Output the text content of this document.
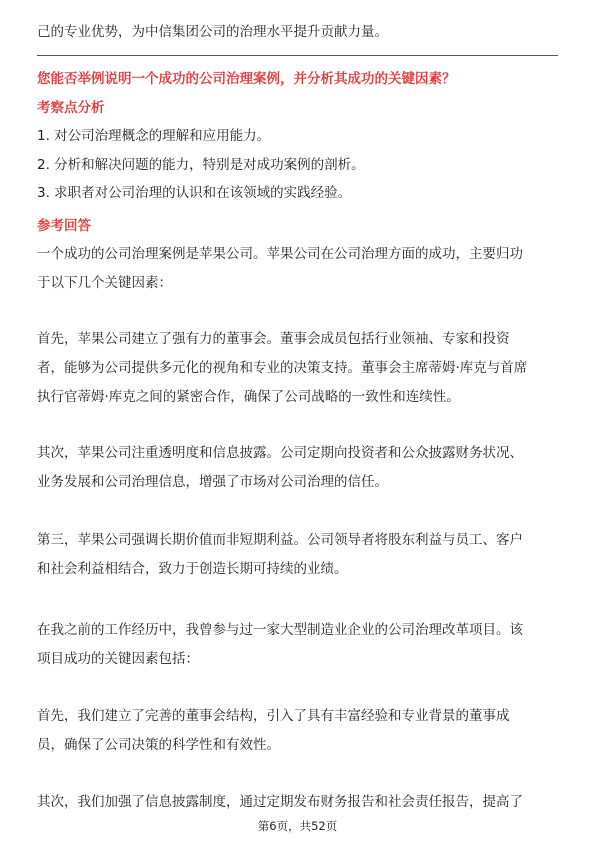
己的专业优势，为中信集团公司的治理水平提升贡献力量。
您能否举例说明一个成功的公司治理案例，并分析其成功的关键因素？
考察点分析
1. 对公司治理概念的理解和应用能力。
2. 分析和解决问题的能力，特别是对成功案例的剖析。
3. 求职者对公司治理的认识和在该领域的实践经验。
参考回答
一个成功的公司治理案例是苹果公司。苹果公司在公司治理方面的成功，主要归功
于以下几个关键因素：
首先，苹果公司建立了强有力的董事会。董事会成员包括行业领袖、专家和投资
者，能够为公司提供多元化的视角和专业的决策支持。董事会主席蒂姆·库克与首席
执行官蒂姆·库克之间的紧密合作，确保了公司战略的一致性和连续性。
其次，苹果公司注重透明度和信息披露。公司定期向投资者和公众披露财务状况、
业务发展和公司治理信息，增强了市场对公司治理的信任。
第三，苹果公司强调长期价值而非短期利益。公司领导者将股东利益与员工、客户
和社会利益相结合，致力于创造长期可持续的业绩。
在我之前的工作经历中，我曾参与过一家大型制造业企业的公司治理改革项目。该
项目成功的关键因素包括：
首先，我们建立了完善的董事会结构，引入了具有丰富经验和专业背景的董事成
员，确保了公司决策的科学性和有效性。
其次，我们加强了信息披露制度，通过定期发布财务报告和社会责任报告，提高了
第6页，共52页
